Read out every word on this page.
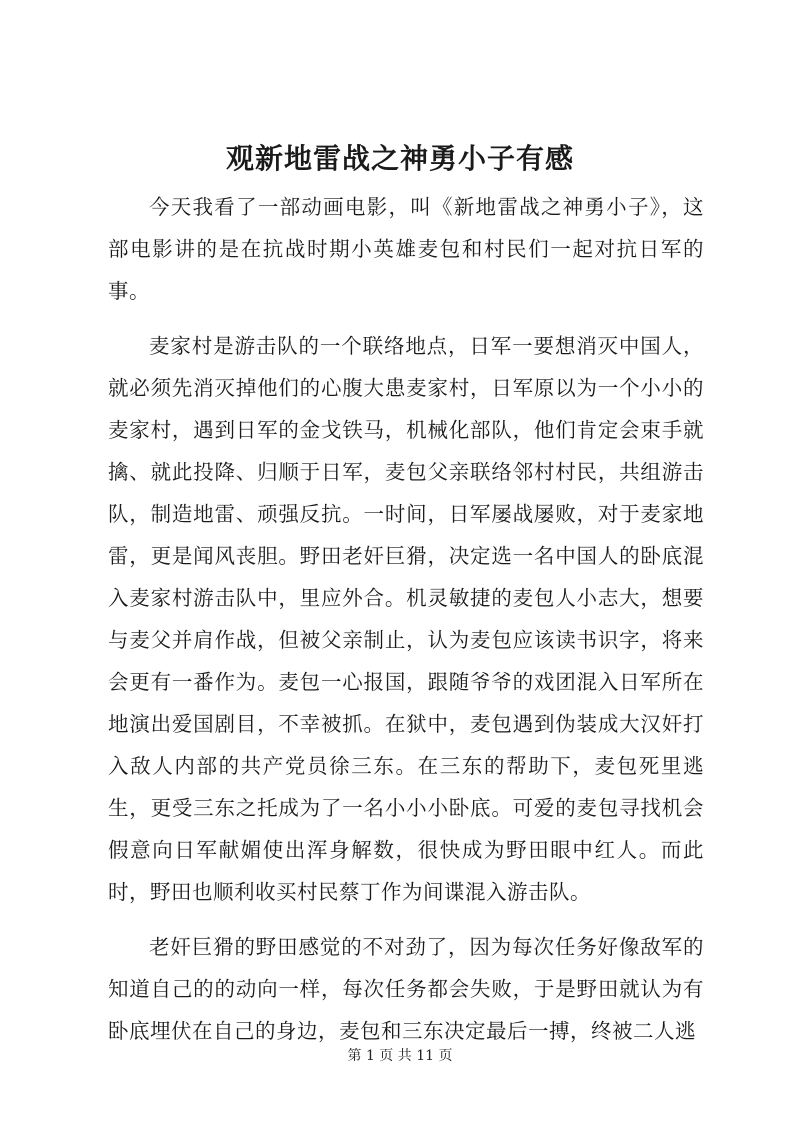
观新地雷战之神勇小子有感

今天我看了一部动画电影，叫《新地雷战之神勇小子》，这部电影讲的是在抗战时期小英雄麦包和村民们一起对抗日军的事。

麦家村是游击队的一个联络地点，日军一要想消灭中国人，就必须先消灭掉他们的心腹大患麦家村，日军原以为一个小小的麦家村，遇到日军的金戈铁马，机械化部队，他们肯定会束手就擒、就此投降、归顺于日军，麦包父亲联络邻村村民，共组游击队，制造地雷、顽强反抗。一时间，日军屡战屡败，对于麦家地雷，更是闻风丧胆。野田老奸巨猾，决定选一名中国人的卧底混入麦家村游击队中，里应外合。机灵敏捷的麦包人小志大，想要与麦父并肩作战，但被父亲制止，认为麦包应该读书识字，将来会更有一番作为。麦包一心报国，跟随爷爷的戏团混入日军所在地演出爱国剧目，不幸被抓。在狱中，麦包遇到伪装成大汉奸打入敌人内部的共产党员徐三东。在三东的帮助下，麦包死里逃生，更受三东之托成为了一名小小小卧底。可爱的麦包寻找机会假意向日军献媚使出浑身解数，很快成为野田眼中红人。而此时，野田也顺利收买村民蔡丁作为间谍混入游击队。

老奸巨猾的野田感觉的不对劲了，因为每次任务好像敌军的知道自己的的动向一样，每次任务都会失败，于是野田就认为有卧底埋伏在自己的身边，麦包和三东决定最后一搏，终被二人逃

第 1 页 共 11 页
